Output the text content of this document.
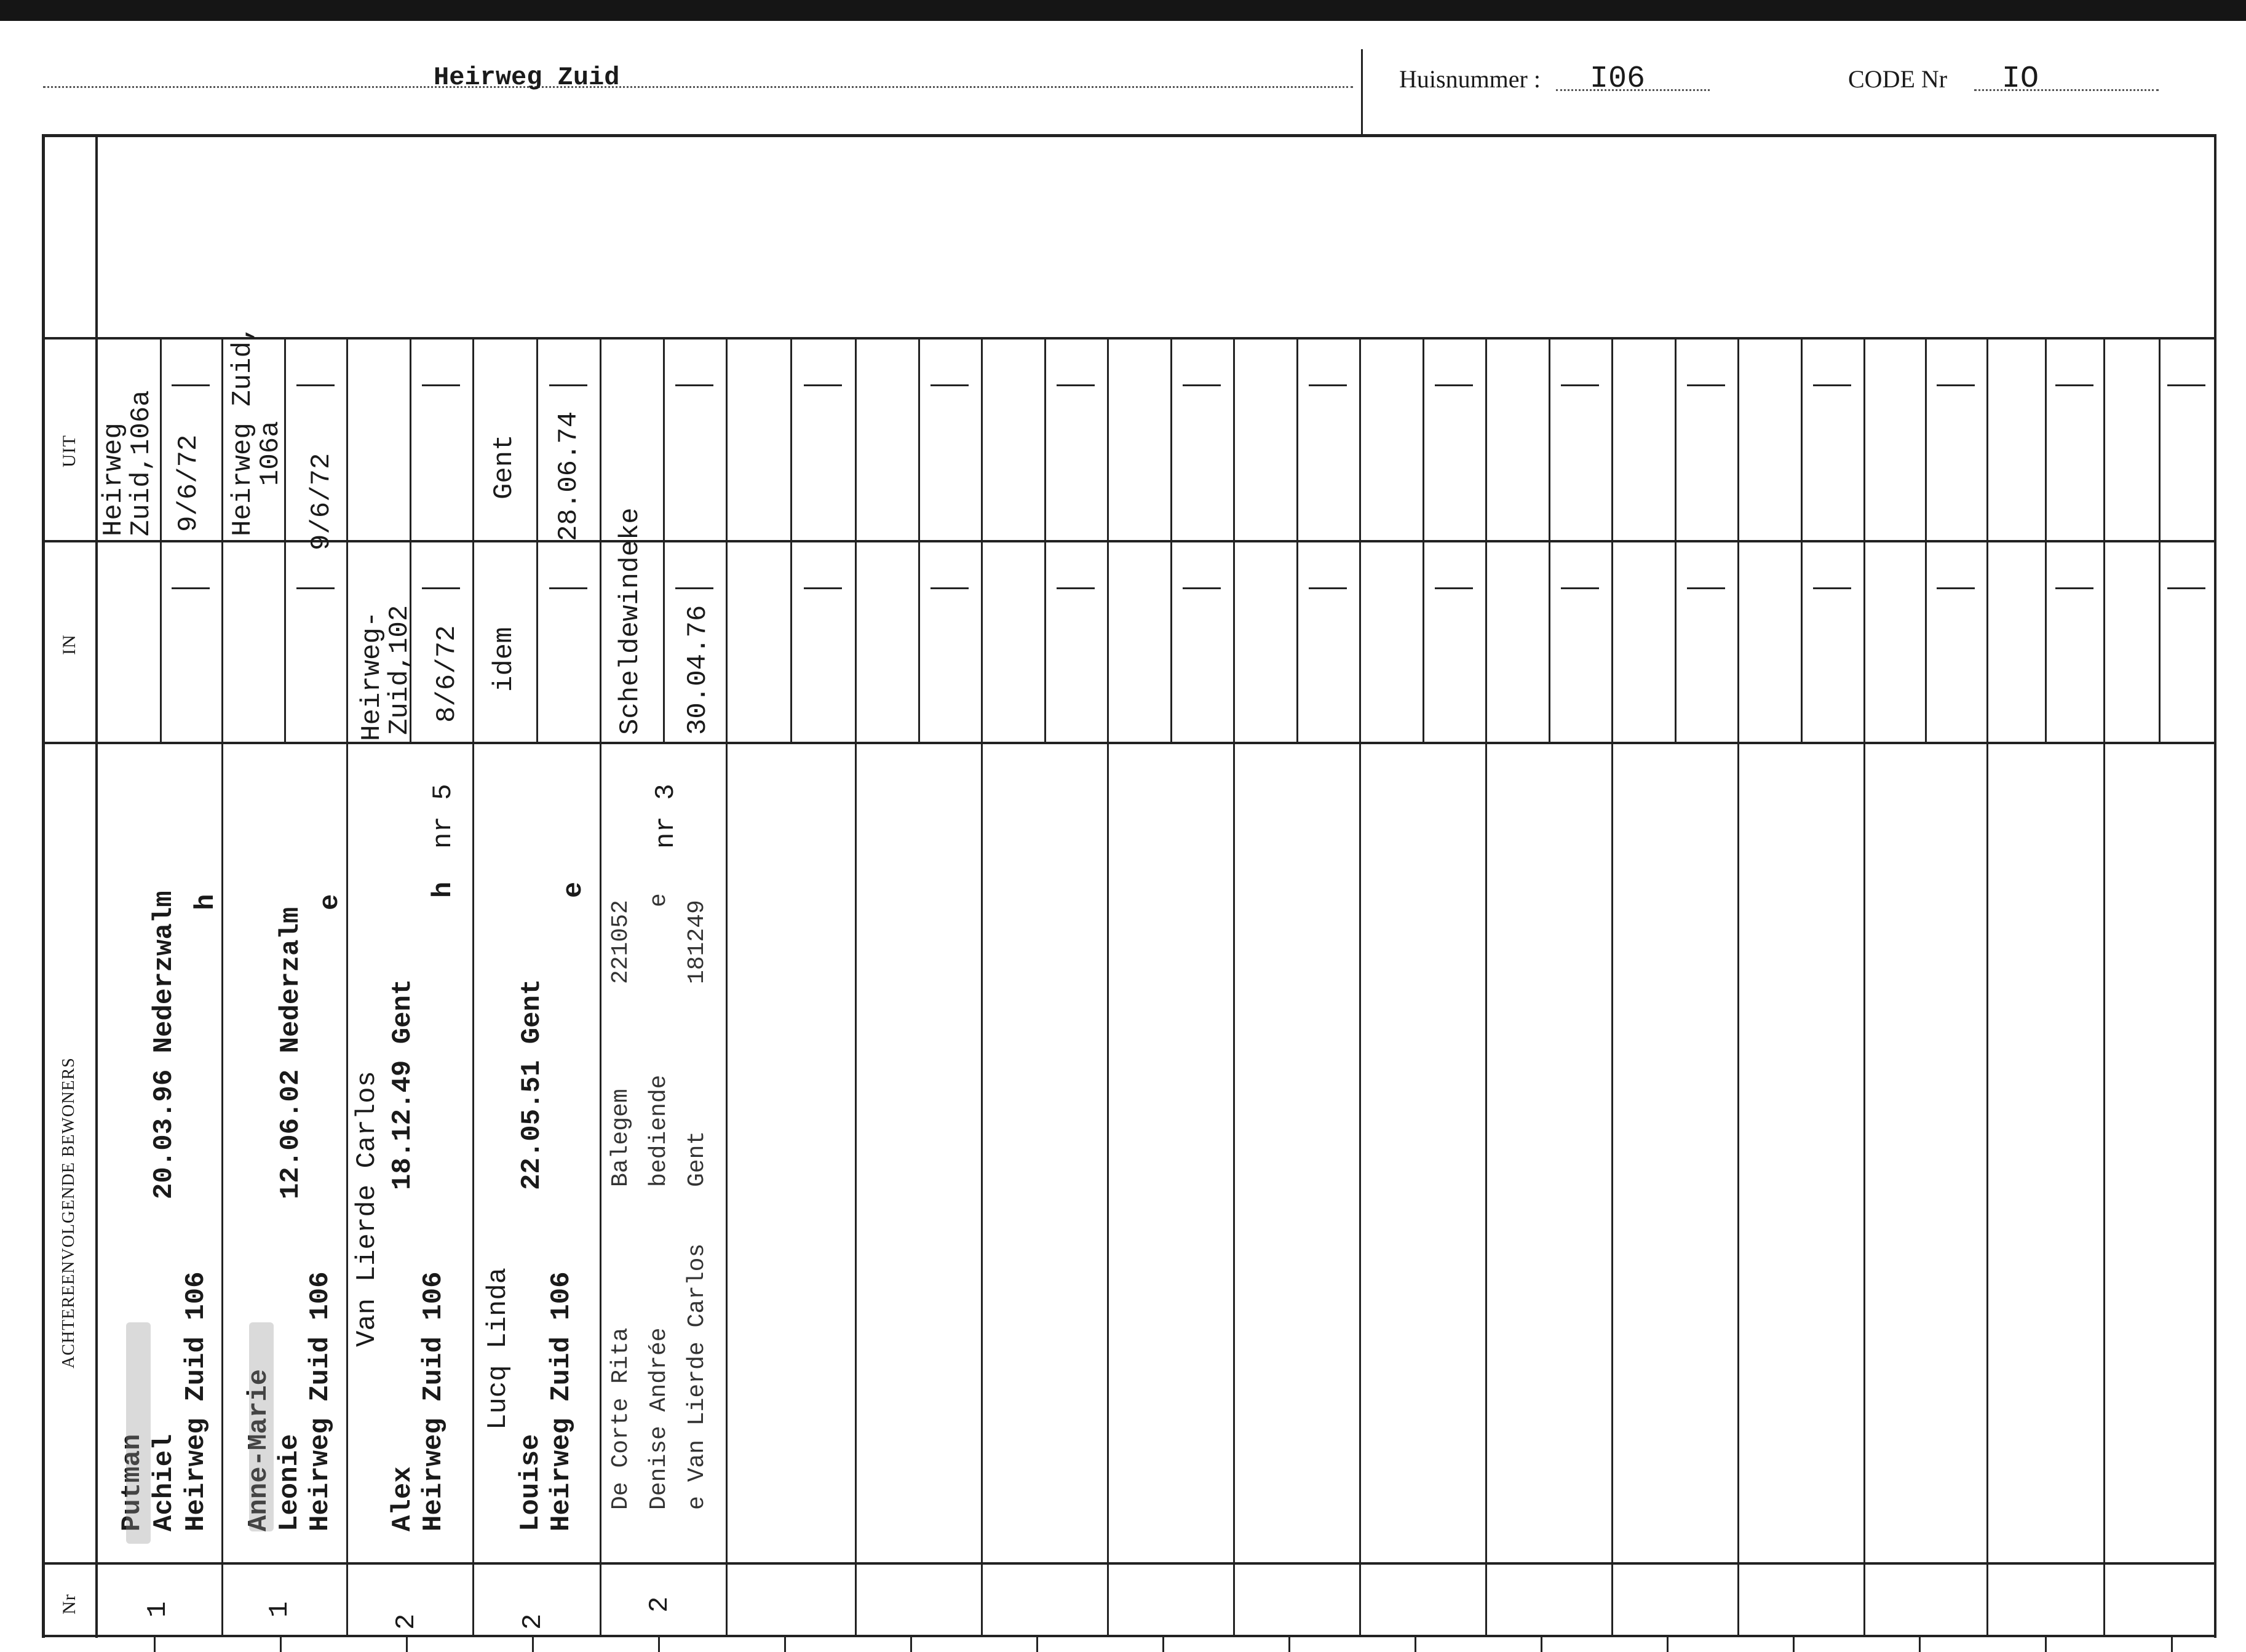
Heirweg Zuid	Huisnummer : I06	CODE Nr IO
UIT
IN
ACHTEREENVOLGENDE BEWONERS
Nr
Heirweg
Zuid,106a 9/6/72
Putman Achiel Heirweg Zuid 106
20.03.96 Nederzwalm h
1
Heirweg Zuid,
106a 9/6/72
Anne-Marie Leonie Heirweg Zuid 106
12.06.02 Nederzalm
e
1
Heirweg-
Zuid,102 8/6/72
Van Lierde Carlos
Alex Heirweg Zuid 106
18.12.49 Gent
h
nr 5
2
Gent 28.06.74
idem
Lucq Linda
Louise Heirweg Zuid 106
22.05.51 Gent
e
2
Scheldewindeke 30.04.76
De Corte Rita Denise Andrée e Van Lierde Carlos
Balegem bediende Gent
221052 e 181249
nr 3
2
